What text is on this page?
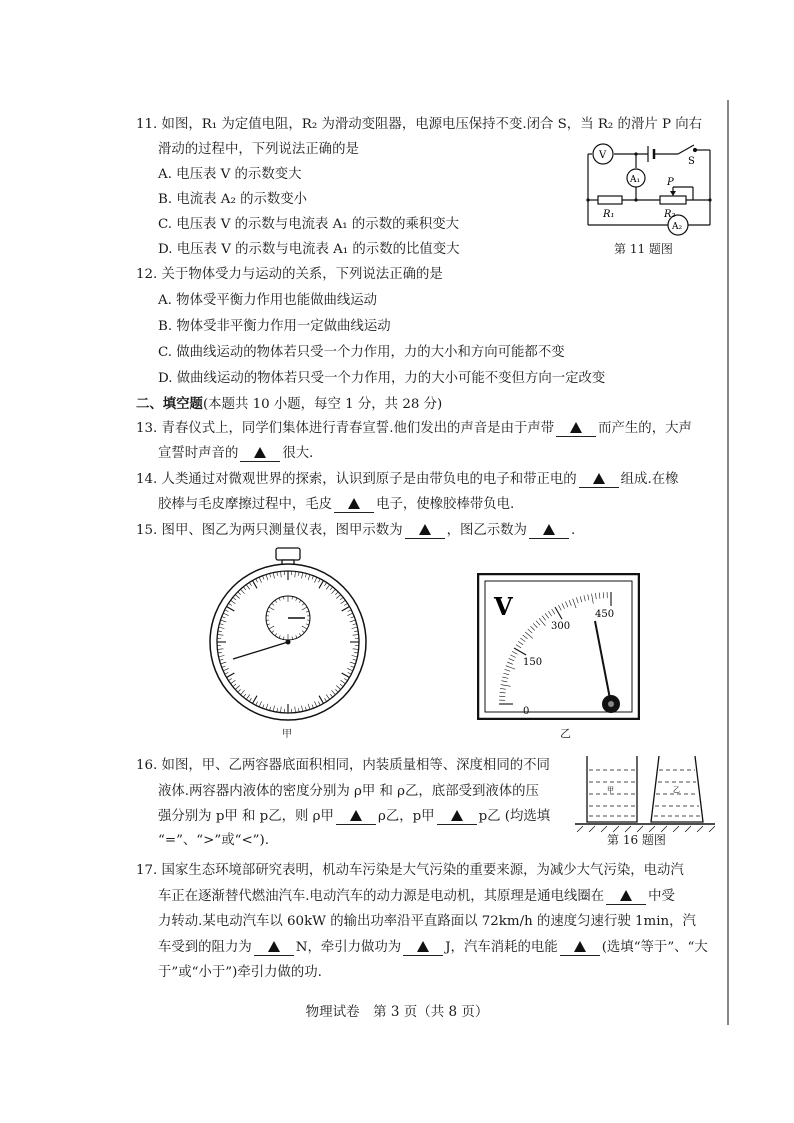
11. 如图，R₁ 为定值电阻，R₂ 为滑动变阻器，电源电压保持不变.闭合 S，当 R₂ 的滑片 P 向右
滑动的过程中，下列说法正确的是
A. 电压表 V 的示数变大
B. 电流表 A₂ 的示数变小
C. 电压表 V 的示数与电流表 A₁ 的示数的乘积变大
D. 电压表 V 的示数与电流表 A₁ 的示数的比值变大
V
A₁
S
P
R₁	R₂
A₂
第 11 题图
12. 关于物体受力与运动的关系，下列说法正确的是
A. 物体受平衡力作用也能做曲线运动
B. 物体受非平衡力作用一定做曲线运动
C. 做曲线运动的物体若只受一个力作用，力的大小和方向可能都不变
D. 做曲线运动的物体若只受一个力作用，力的大小可能不变但方向一定改变
二、填空题(本题共 10 小题，每空 1 分，共 28 分)
13. 青春仪式上，同学们集体进行青春宣誓.他们发出的声音是由于声带	而产生的，大声
宣誓时声音的	很大.
14. 人类通过对微观世界的探索，认识到原子是由带负电的电子和带正电的	组成.在橡
胶棒与毛皮摩擦过程中，毛皮	电子，使橡胶棒带负电.
15. 图甲、图乙为两只测量仪表，图甲示数为	，图乙示数为	.
甲
V
0
150
300
450
乙
16. 如图，甲、乙两容器底面积相同，内装质量相等、深度相同的不同
液体.两容器内液体的密度分别为 ρ甲 和 ρ乙，底部受到液体的压
强分别为 p甲 和 p乙，则 ρ甲	ρ乙，p甲	p乙 (均选填
“=”、“>”或“<”).
甲	乙
第 16 题图
17. 国家生态环境部研究表明，机动车污染是大气污染的重要来源，为减少大气污染，电动汽
车正在逐渐替代燃油汽车.电动汽车的动力源是电动机，其原理是通电线圈在	中受
力转动.某电动汽车以 60kW 的输出功率沿平直路面以 72km/h 的速度匀速行驶 1min，汽
车受到的阻力为	N，牵引力做功为	J，汽车消耗的电能	(选填“等于”、“大
于”或“小于”)牵引力做的功.
物理试卷　第 3 页（共 8 页）
